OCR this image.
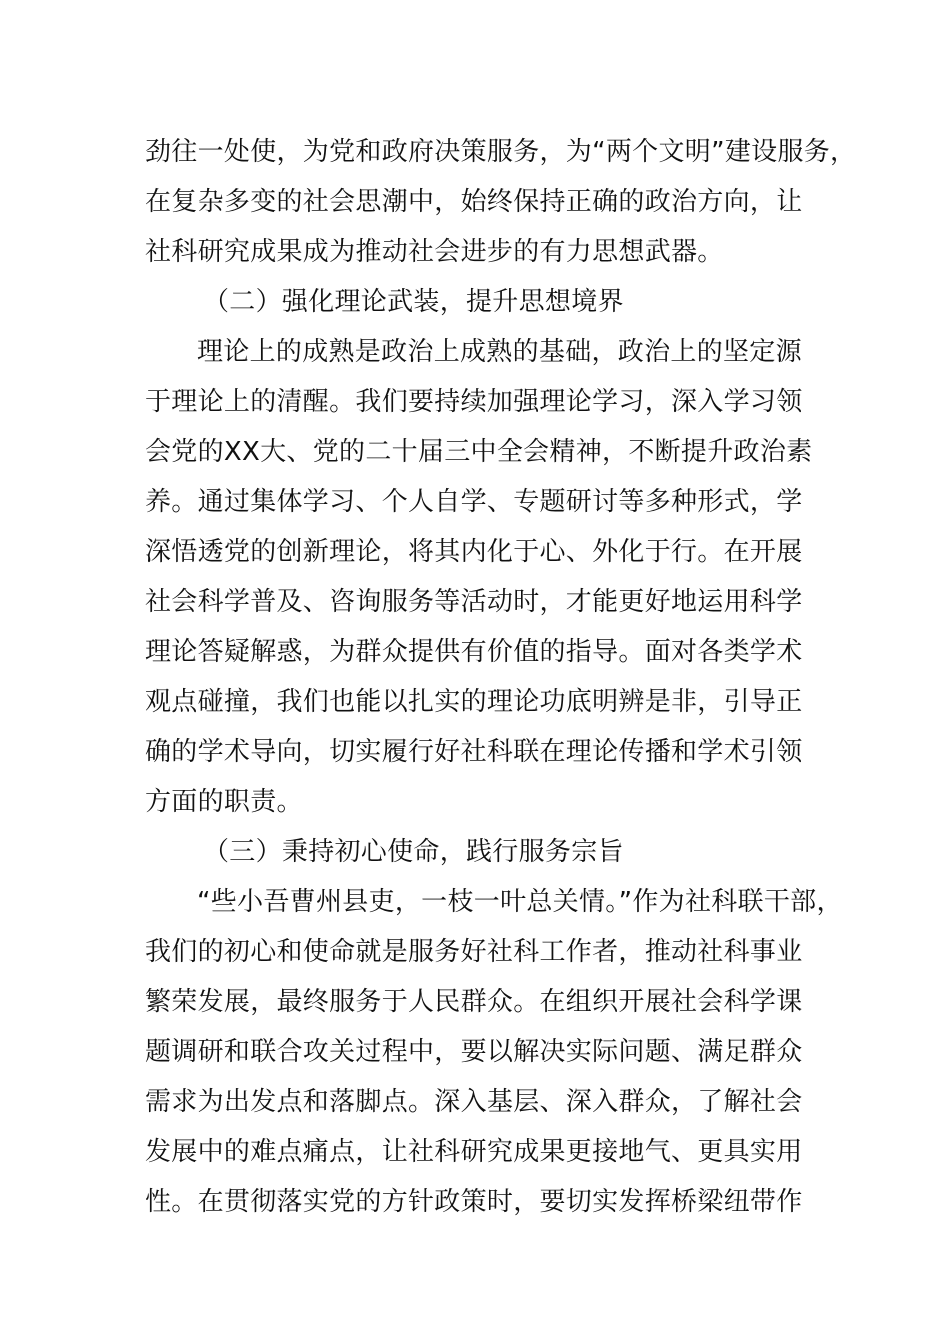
劲往一处使，为党和政府决策服务，为“两个文明”建设服务，
在复杂多变的社会思潮中，始终保持正确的政治方向，让
社科研究成果成为推动社会进步的有力思想武器。
（二）强化理论武装，提升思想境界
理论上的成熟是政治上成熟的基础，政治上的坚定源
于理论上的清醒。我们要持续加强理论学习，深入学习领
会党的XX大、党的二十届三中全会精神，不断提升政治素
养。通过集体学习、个人自学、专题研讨等多种形式，学
深悟透党的创新理论，将其内化于心、外化于行。在开展
社会科学普及、咨询服务等活动时，才能更好地运用科学
理论答疑解惑，为群众提供有价值的指导。面对各类学术
观点碰撞，我们也能以扎实的理论功底明辨是非，引导正
确的学术导向，切实履行好社科联在理论传播和学术引领
方面的职责。
（三）秉持初心使命，践行服务宗旨
“些小吾曹州县吏，一枝一叶总关情。”作为社科联干部，
我们的初心和使命就是服务好社科工作者，推动社科事业
繁荣发展，最终服务于人民群众。在组织开展社会科学课
题调研和联合攻关过程中，要以解决实际问题、满足群众
需求为出发点和落脚点。深入基层、深入群众，了解社会
发展中的难点痛点，让社科研究成果更接地气、更具实用
性。在贯彻落实党的方针政策时，要切实发挥桥梁纽带作
